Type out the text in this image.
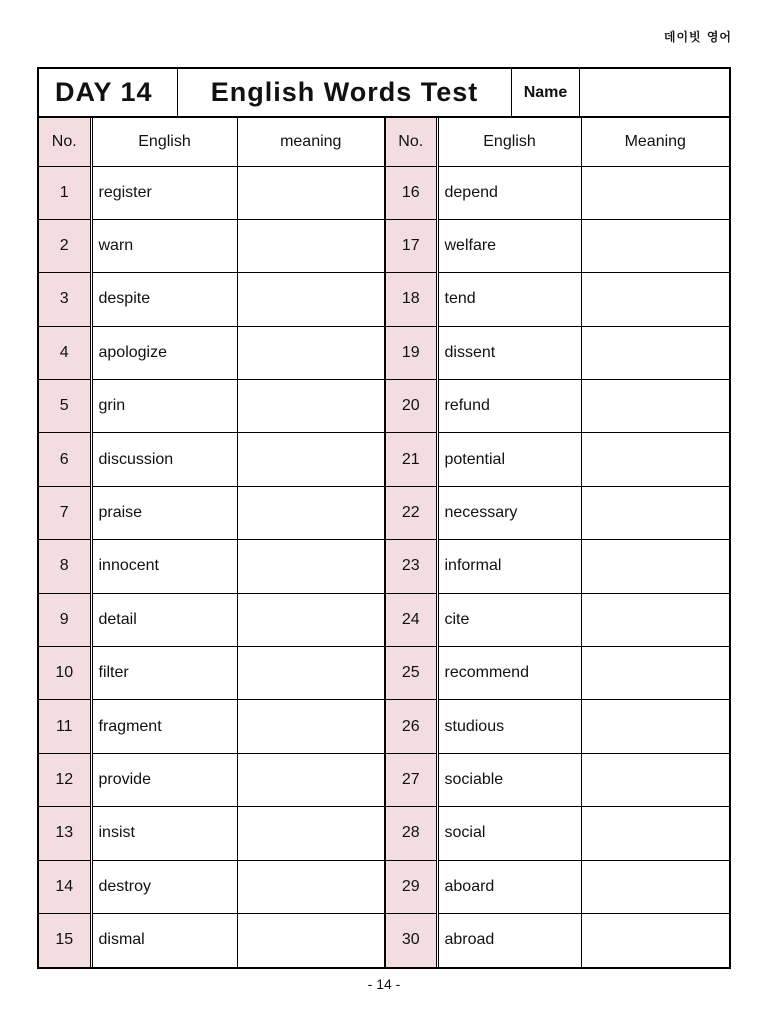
데이빗 영어
DAY 14	English Words Test	Name
No.	English	meaning	No.	English	Meaning
1	register		16	depend	
2	warn		17	welfare	
3	despite		18	tend	
4	apologize		19	dissent	
5	grin		20	refund	
6	discussion		21	potential	
7	praise		22	necessary	
8	innocent		23	informal	
9	detail		24	cite	
10	filter		25	recommend	
11	fragment		26	studious	
12	provide		27	sociable	
13	insist		28	social	
14	destroy		29	aboard	
15	dismal		30	abroad	
- 14 -
